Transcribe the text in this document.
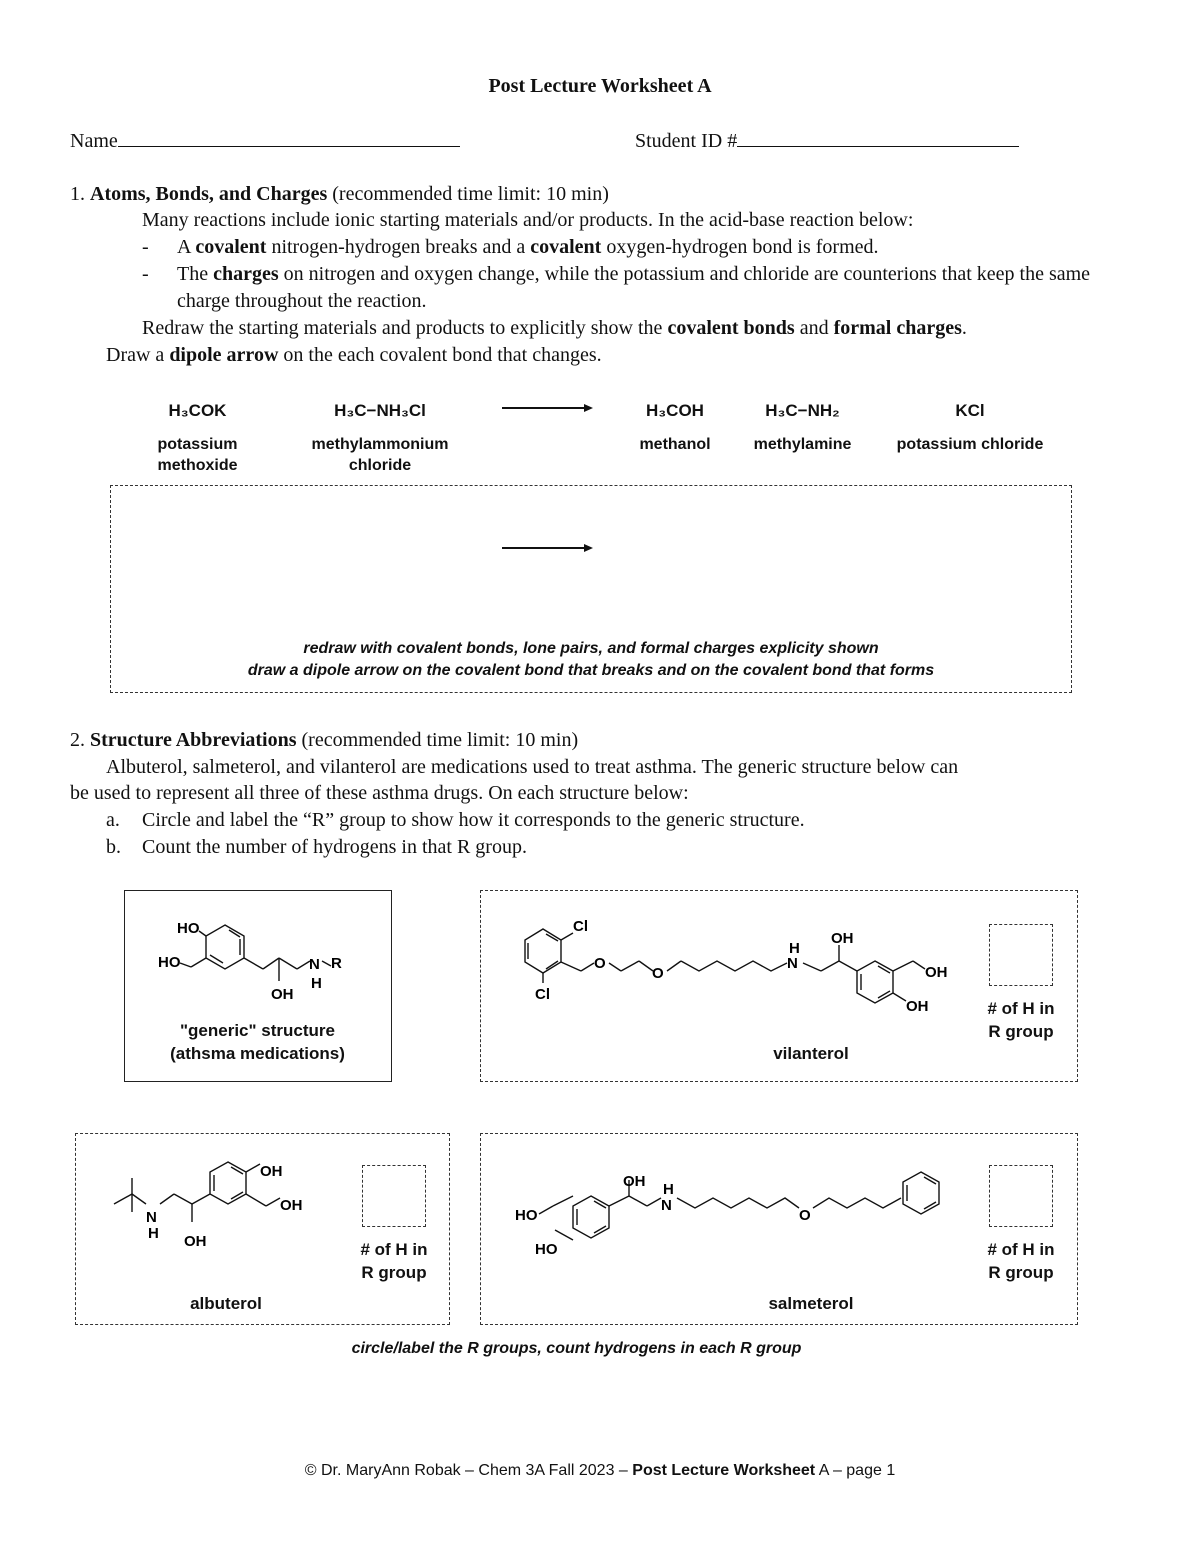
Post Lecture Worksheet A
Name	Student ID #
1. Atoms, Bonds, and Charges (recommended time limit: 10 min)
Many reactions include ionic starting materials and/or products. In the acid-base reaction below:
- A covalent nitrogen-hydrogen breaks and a covalent oxygen-hydrogen bond is formed.
- The charges on nitrogen and oxygen change, while the potassium and chloride are counterions that keep the same charge throughout the reaction.
Redraw the starting materials and products to explicitly show the covalent bonds and formal charges.
Draw a dipole arrow on the each covalent bond that changes.
H₃COK
potassium
methoxide
H₃C−NH₃Cl
methylammonium
chloride
H₃COH
methanol
H₃C−NH₂
methylamine
KCl
potassium chloride
redraw with covalent bonds, lone pairs, and formal charges explicity shown
draw a dipole arrow on the covalent bond that breaks and on the covalent bond that forms
2. Structure Abbreviations (recommended time limit: 10 min)
Albuterol, salmeterol, and vilanterol are medications used to treat asthma. The generic structure below can
be used to represent all three of these asthma drugs. On each structure below:
a. Circle and label the “R” group to show how it corresponds to the generic structure.
b. Count the number of hydrogens in that R group.
HO
HO
OH
N
H
R
"generic" structure
(athsma medications)
Cl
Cl
O
O
N
H
OH
OH
OH
vilanterol
# of H in
R group
N
H OH
OH
OH
albuterol
# of H in
R group
HO
HO
OH
N
H
O
salmeterol
# of H in
R group
circle/label the R groups, count hydrogens in each R group
© Dr. MaryAnn Robak – Chem 3A Fall 2023 – Post Lecture Worksheet A – page 1
